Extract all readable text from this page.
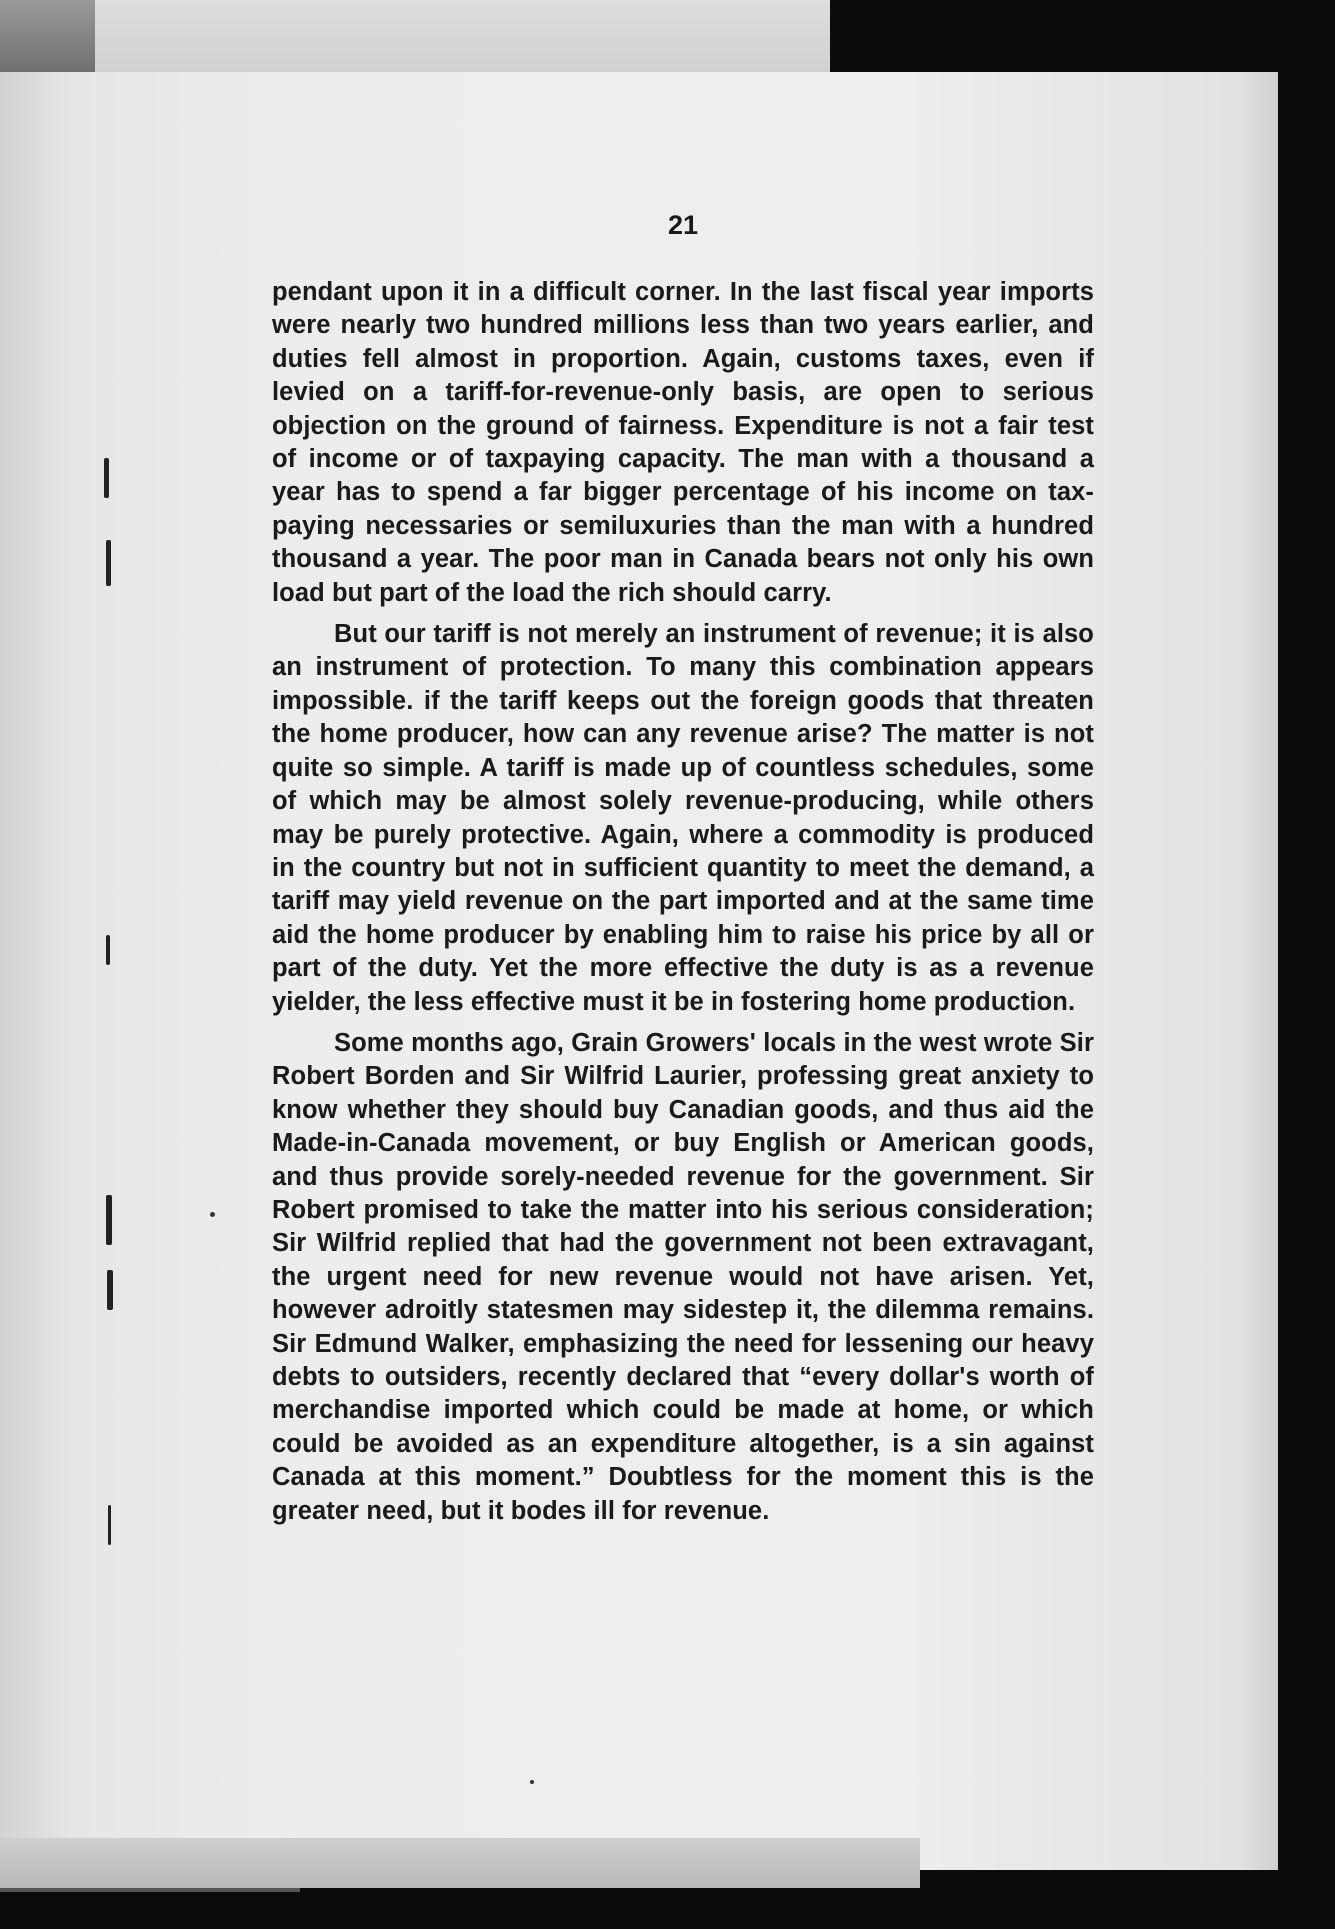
21

pendant upon it in a difficult corner. In the last fiscal year imports were nearly two hundred millions less than two years earlier, and duties fell almost in proportion. Again, customs taxes, even if levied on a tariff-for-revenue-only basis, are open to serious objection on the ground of fairness. Expenditure is not a fair test of income or of taxpaying capacity. The man with a thousand a year has to spend a far bigger percentage of his income on tax-paying necessaries or semiluxuries than the man with a hundred thousand a year. The poor man in Canada bears not only his own load but part of the load the rich should carry.

But our tariff is not merely an instrument of revenue; it is also an instrument of protection. To many this combination appears impossible. if the tariff keeps out the foreign goods that threaten the home producer, how can any revenue arise? The matter is not quite so simple. A tariff is made up of countless schedules, some of which may be almost solely revenue-producing, while others may be purely protective. Again, where a commodity is produced in the country but not in sufficient quantity to meet the demand, a tariff may yield revenue on the part imported and at the same time aid the home producer by enabling him to raise his price by all or part of the duty. Yet the more effective the duty is as a revenue yielder, the less effective must it be in fostering home production.

Some months ago, Grain Growers' locals in the west wrote Sir Robert Borden and Sir Wilfrid Laurier, professing great anxiety to know whether they should buy Canadian goods, and thus aid the Made-in-Canada movement, or buy English or American goods, and thus provide sorely-needed revenue for the government. Sir Robert promised to take the matter into his serious consideration; Sir Wilfrid replied that had the government not been extravagant, the urgent need for new revenue would not have arisen. Yet, however adroitly statesmen may sidestep it, the dilemma remains. Sir Edmund Walker, emphasizing the need for lessening our heavy debts to outsiders, recently declared that “every dollar's worth of merchandise imported which could be made at home, or which could be avoided as an expenditure altogether, is a sin against Canada at this moment.” Doubtless for the moment this is the greater need, but it bodes ill for revenue.
